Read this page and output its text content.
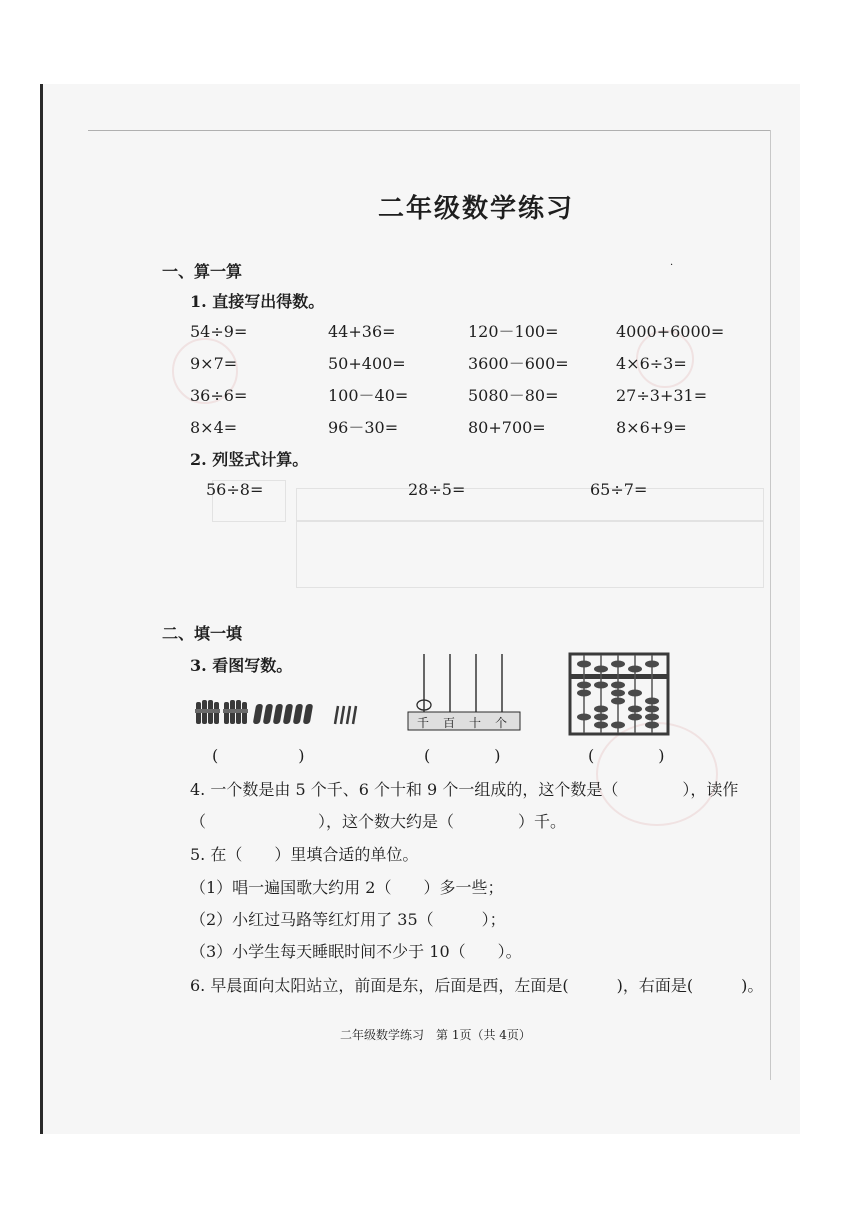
二年级数学练习
·
一、算一算
1. 直接写出得数。
54÷9=	44+36=	120－100=	4000+6000=
9×7=	50+400=	3600－600=	4×6÷3=
36÷6=	100－40=	5080－80=	27÷3+31=
8×4=	96－30=	80+700=	8×6+9=
2. 列竖式计算。
56÷8=	28÷5=	65÷7=
二、填一填
3. 看图写数。
千 百 十 个
(　　　　　)	(　　　　)	(　　　　)
4. 一个数是由 5 个千、6 个十和 9 个一组成的，这个数是（　　　　），读作
（　　　　　　　），这个数大约是（　　　　）千。
5. 在（　　）里填合适的单位。
（1）唱一遍国歌大约用 2（　　）多一些；
（2）小红过马路等红灯用了 35（　　　）；
（3）小学生每天睡眠时间不少于 10（　　）。
6. 早晨面向太阳站立，前面是东，后面是西，左面是(　　　)，右面是(　　　)。
二年级数学练习　第 1页（共 4页）
